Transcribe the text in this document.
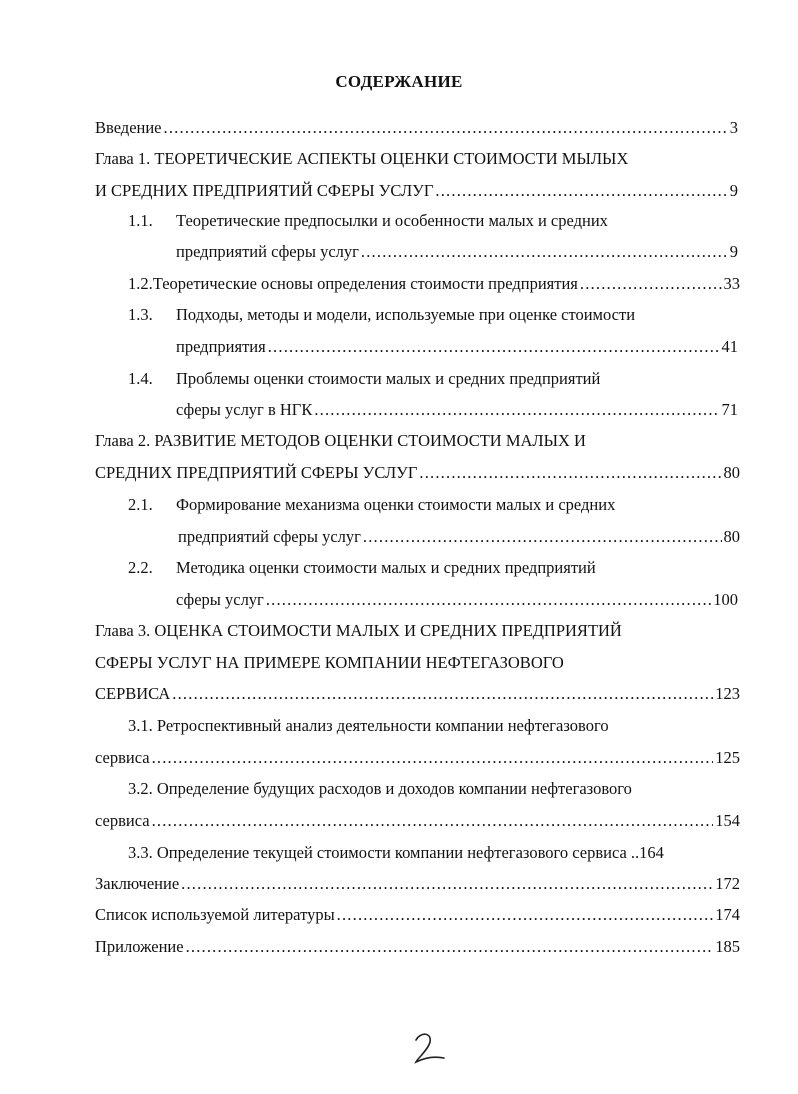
СОДЕРЖАНИЕ
Введение .....	3
Глава 1. ТЕОРЕТИЧЕСКИЕ АСПЕКТЫ ОЦЕНКИ СТОИМОСТИ МЫЛЫХ
И СРЕДНИХ ПРЕДПРИЯТИЙ СФЕРЫ УСЛУГ .....	9
1.1. Теоретические предпосылки и особенности малых и средних
предприятий сферы услуг .....	9
1.2. Теоретические основы определения стоимости предприятия .....	33
1.3. Подходы, методы и модели, используемые при оценке стоимости
предприятия .....	41
1.4. Проблемы оценки стоимости малых и средних предприятий
сферы услуг в НГК .....	71
Глава 2. РАЗВИТИЕ МЕТОДОВ ОЦЕНКИ СТОИМОСТИ МАЛЫХ И
СРЕДНИХ ПРЕДПРИЯТИЙ СФЕРЫ УСЛУГ .....	80
2.1. Формирование механизма оценки стоимости малых и средних
предприятий сферы услуг .....	80
2.2. Методика оценки стоимости малых и средних предприятий
сферы услуг .....	100
Глава 3. ОЦЕНКА СТОИМОСТИ МАЛЫХ И СРЕДНИХ ПРЕДПРИЯТИЙ
СФЕРЫ УСЛУГ НА ПРИМЕРЕ КОМПАНИИ НЕФТЕГАЗОВОГО
СЕРВИСА .....	123
3.1. Ретроспективный анализ деятельности компании нефтегазового
сервиса .....	125
3.2. Определение будущих расходов и доходов компании нефтегазового
сервиса .....	154
3.3. Определение текущей стоимости компании нефтегазового сервиса ..164
Заключение .....	172
Список используемой литературы .....	174
Приложение .....	185
